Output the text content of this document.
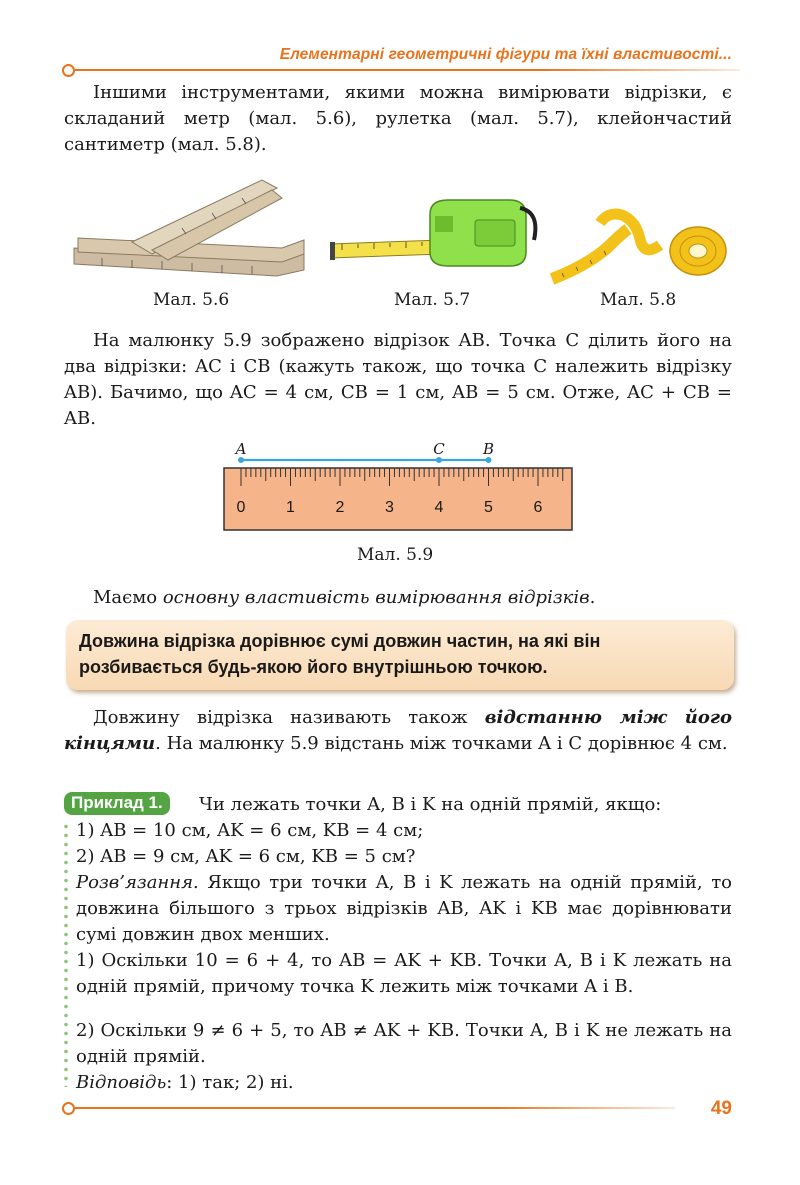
Елементарні геометричні фігури та їхні властивості...

Іншими інструментами, якими можна вимірювати відрізки, є складаний метр (мал. 5.6), рулетка (мал. 5.7), клейончастий сантиметр (мал. 5.8).

Мал. 5.6	Мал. 5.7	Мал. 5.8

На малюнку 5.9 зображено відрізок AB. Точка C ділить його на два відрізки: AC і CB (кажуть також, що точка C належить відрізку AB). Бачимо, що AC = 4 см, CB = 1 см, AB = 5 см. Отже, AC + CB = AB.

0	1	2	3	4	5	6
A	C	B
Мал. 5.9

Маємо основну властивість вимірювання відрізків.

Довжина відрізка дорівнює сумі довжин частин, на які він розбивається будь-якою його внутрішньою точкою.

Довжину відрізка називають також відстанню між його кінцями. На малюнку 5.9 відстань між точками A і C дорівнює 4 см.

Приклад 1.	Чи лежать точки A, B і K на одній прямій, якщо:
1) AB = 10 см, AK = 6 см, KB = 4 см;
2) AB = 9 см, AK = 6 см, KB = 5 см?
Розв’язання. Якщо три точки A, B і K лежать на одній прямій, то довжина більшого з трьох відрізків AB, AK і KB має дорівнювати сумі довжин двох менших.
1) Оскільки 10 = 6 + 4, то AB = AK + KB. Точки A, B і K лежать на одній прямій, причому точка K лежить між точками A і B.
2) Оскільки 9 ≠ 6 + 5, то AB ≠ AK + KB. Точки A, B і K не лежать на одній прямій.
Відповідь: 1) так; 2) ні.
49
